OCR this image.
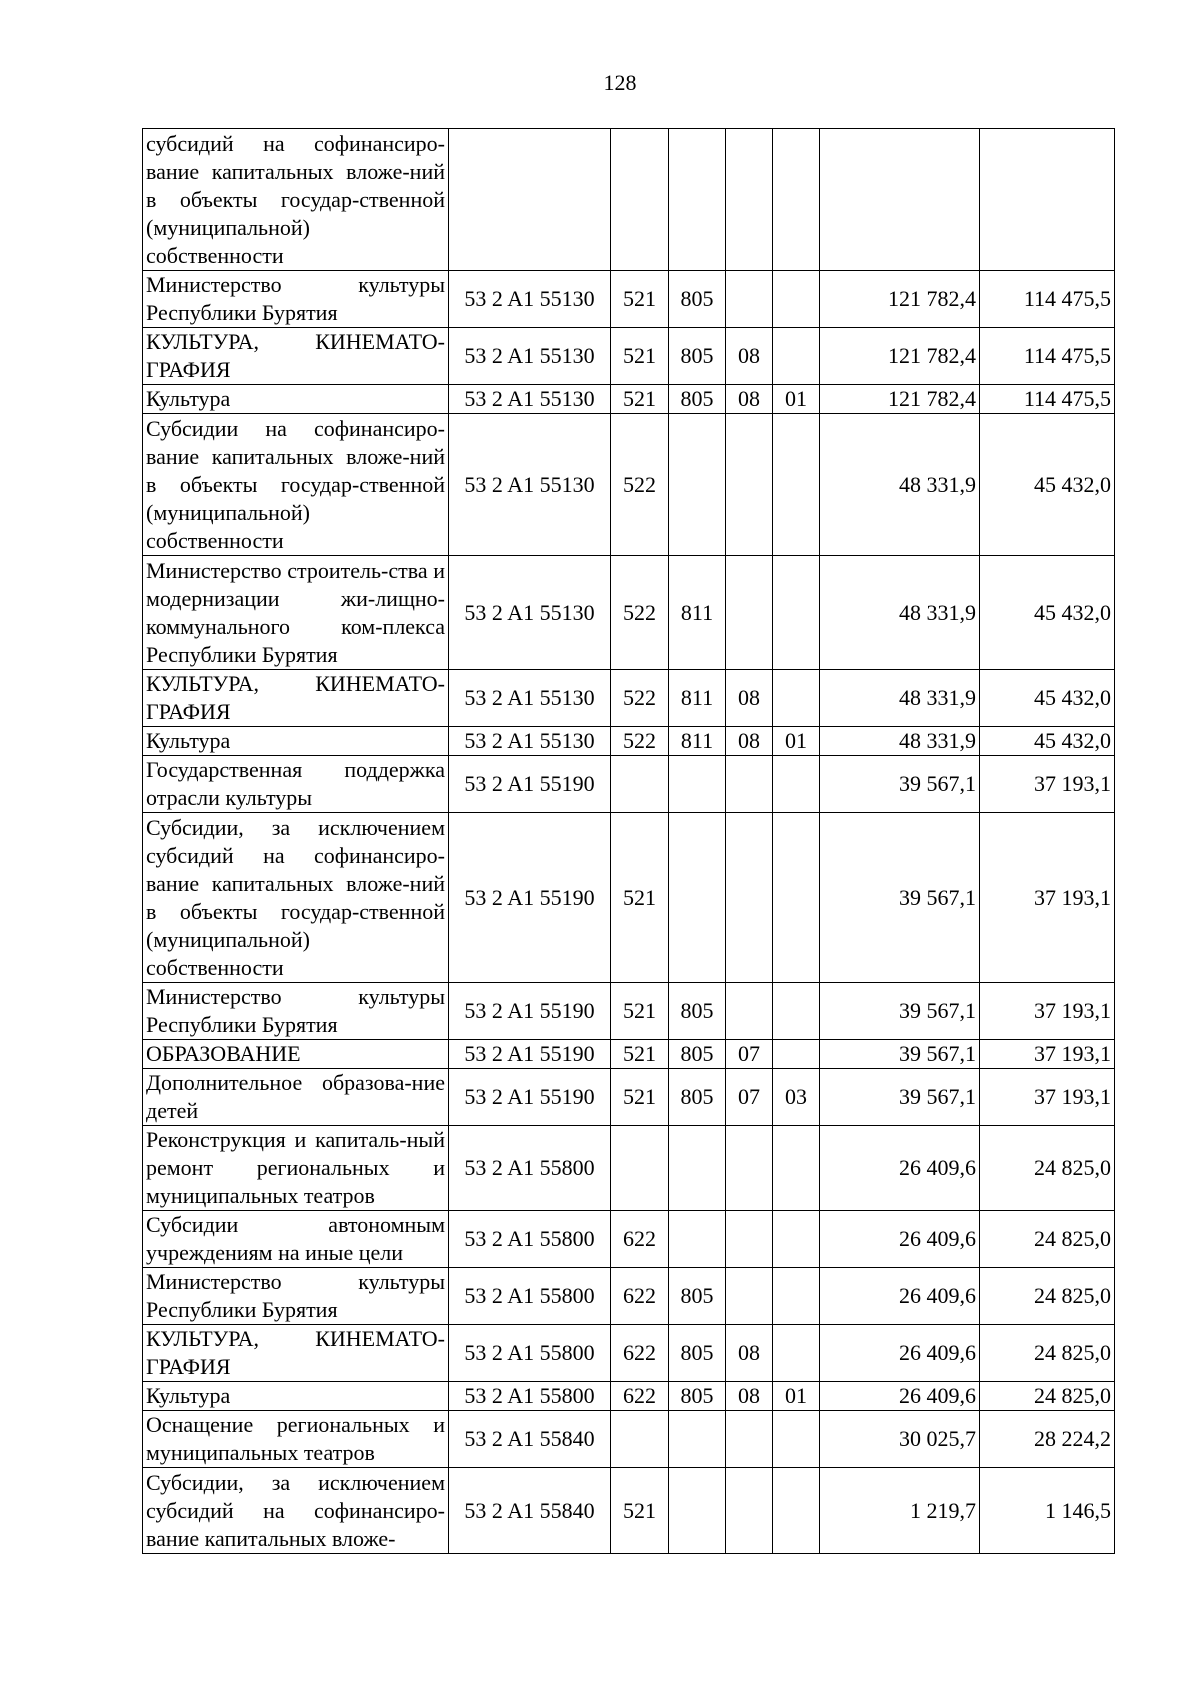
128
субсидий на софинансиро-вание капитальных вложе-ний в объекты государ-ственной (муниципальной) собственности							
Министерство культуры Республики Бурятия	53 2 A1 55130	521	805			121 782,4	114 475,5
КУЛЬТУРА, КИНЕМАТО-ГРАФИЯ	53 2 A1 55130	521	805	08		121 782,4	114 475,5
Культура	53 2 A1 55130	521	805	08	01	121 782,4	114 475,5
Субсидии на софинансиро-вание капитальных вложе-ний в объекты государ-ственной (муниципальной) собственности	53 2 A1 55130	522				48 331,9	45 432,0
Министерство строитель-ства и модернизации жи-лищно-коммунального ком-плекса Республики Бурятия	53 2 A1 55130	522	811			48 331,9	45 432,0
КУЛЬТУРА, КИНЕМАТО-ГРАФИЯ	53 2 A1 55130	522	811	08		48 331,9	45 432,0
Культура	53 2 A1 55130	522	811	08	01	48 331,9	45 432,0
Государственная поддержка отрасли культуры	53 2 A1 55190					39 567,1	37 193,1
Субсидии, за исключением субсидий на софинансиро-вание капитальных вложе-ний в объекты государ-ственной (муниципальной) собственности	53 2 A1 55190	521				39 567,1	37 193,1
Министерство культуры Республики Бурятия	53 2 A1 55190	521	805			39 567,1	37 193,1
ОБРАЗОВАНИЕ	53 2 A1 55190	521	805	07		39 567,1	37 193,1
Дополнительное образова-ние детей	53 2 A1 55190	521	805	07	03	39 567,1	37 193,1
Реконструкция и капиталь-ный ремонт региональных и муниципальных театров	53 2 A1 55800					26 409,6	24 825,0
Субсидии автономным учреждениям на иные цели	53 2 A1 55800	622				26 409,6	24 825,0
Министерство культуры Республики Бурятия	53 2 A1 55800	622	805			26 409,6	24 825,0
КУЛЬТУРА, КИНЕМАТО-ГРАФИЯ	53 2 A1 55800	622	805	08		26 409,6	24 825,0
Культура	53 2 A1 55800	622	805	08	01	26 409,6	24 825,0
Оснащение региональных и муниципальных театров	53 2 A1 55840					30 025,7	28 224,2
Субсидии, за исключением субсидий на софинансиро-вание капитальных вложе-	53 2 A1 55840	521				1 219,7	1 146,5
